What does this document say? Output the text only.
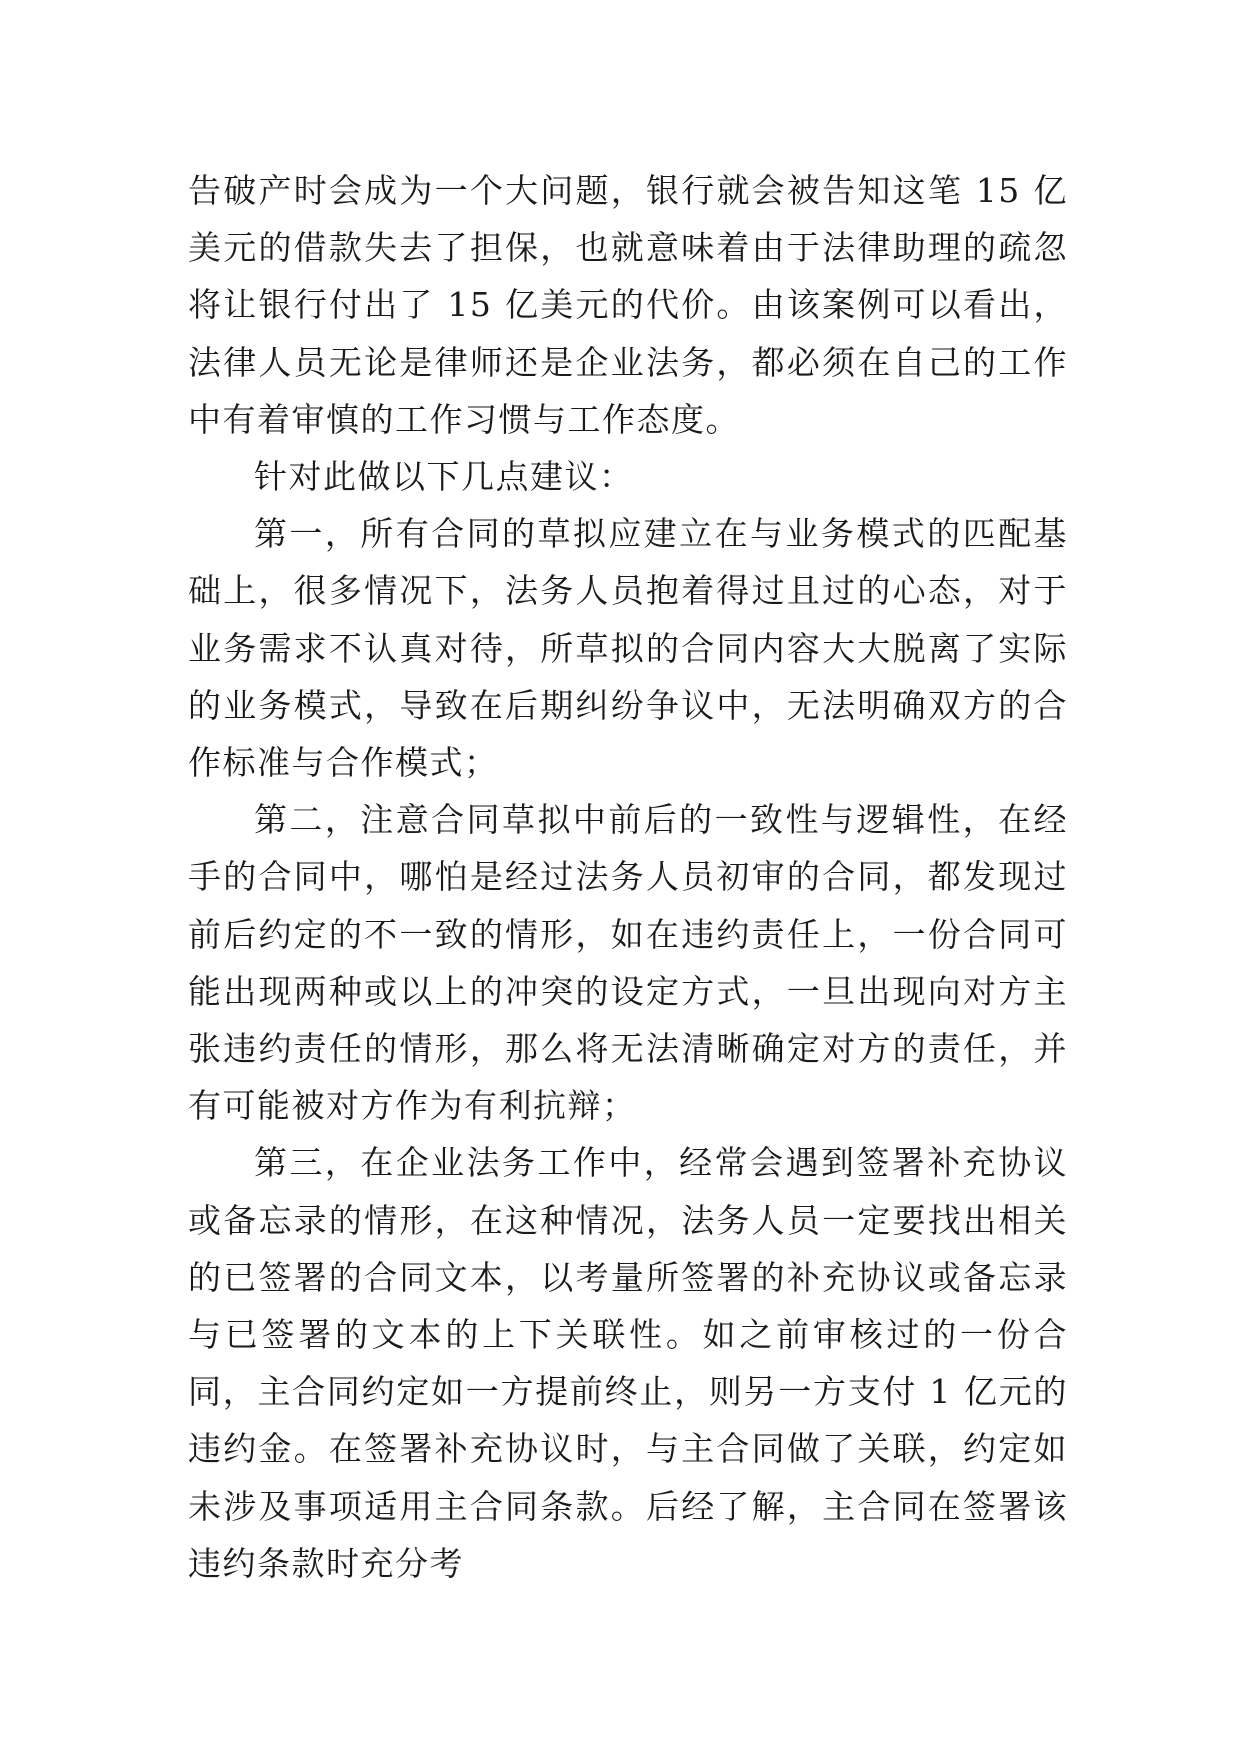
告破产时会成为一个大问题，银行就会被告知这笔 15 亿美元的借款失去了担保，也就意味着由于法律助理的疏忽将让银行付出了 15 亿美元的代价。由该案例可以看出，法律人员无论是律师还是企业法务，都必须在自己的工作中有着审慎的工作习惯与工作态度。

针对此做以下几点建议：

第一，所有合同的草拟应建立在与业务模式的匹配基础上，很多情况下，法务人员抱着得过且过的心态，对于业务需求不认真对待，所草拟的合同内容大大脱离了实际的业务模式，导致在后期纠纷争议中，无法明确双方的合作标准与合作模式；

第二，注意合同草拟中前后的一致性与逻辑性，在经手的合同中，哪怕是经过法务人员初审的合同，都发现过前后约定的不一致的情形，如在违约责任上，一份合同可能出现两种或以上的冲突的设定方式，一旦出现向对方主张违约责任的情形，那么将无法清晰确定对方的责任，并有可能被对方作为有利抗辩；

第三，在企业法务工作中，经常会遇到签署补充协议或备忘录的情形，在这种情况，法务人员一定要找出相关的已签署的合同文本，以考量所签署的补充协议或备忘录与已签署的文本的上下关联性。如之前审核过的一份合同，主合同约定如一方提前终止，则另一方支付 1 亿元的违约金。在签署补充协议时，与主合同做了关联，约定如未涉及事项适用主合同条款。后经了解，主合同在签署该违约条款时充分考
